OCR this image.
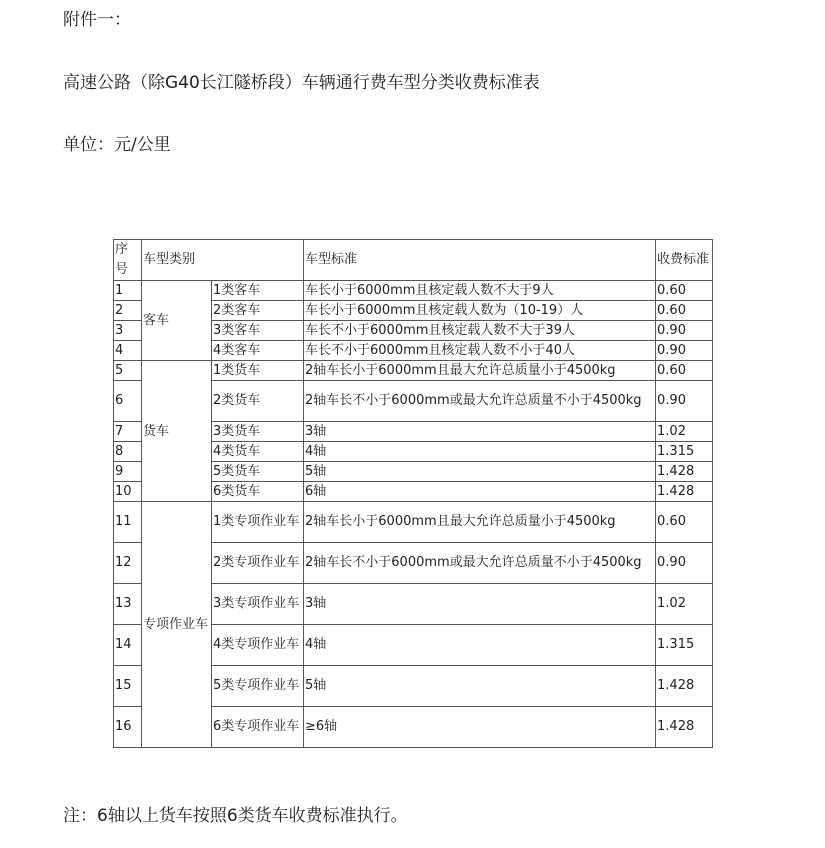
附件一：
高速公路（除G40长江隧桥段）车辆通行费车型分类收费标准表
单位：元/公里
序号	车型类别		车型标准	收费标准
1	客车	1类客车	车长小于6000mm且核定载人数不大于9人	0.60
2		2类客车	车长小于6000mm且核定载人数为（10-19）人	0.60
3		3类客车	车长不小于6000mm且核定载人数不大于39人	0.90
4		4类客车	车长不小于6000mm且核定载人数不小于40人	0.90
5	货车	1类货车	2轴车长小于6000mm且最大允许总质量小于4500kg	0.60
6		2类货车	2轴车长不小于6000mm或最大允许总质量不小于4500kg	0.90
7		3类货车	3轴	1.02
8		4类货车	4轴	1.315
9		5类货车	5轴	1.428
10		6类货车	6轴	1.428
11	专项作业车	1类专项作业车	2轴车长小于6000mm且最大允许总质量小于4500kg	0.60
12		2类专项作业车	2轴车长不小于6000mm或最大允许总质量不小于4500kg	0.90
13		3类专项作业车	3轴	1.02
14		4类专项作业车	4轴	1.315
15		5类专项作业车	5轴	1.428
16		6类专项作业车	≥6轴	1.428
注：6轴以上货车按照6类货车收费标准执行。
